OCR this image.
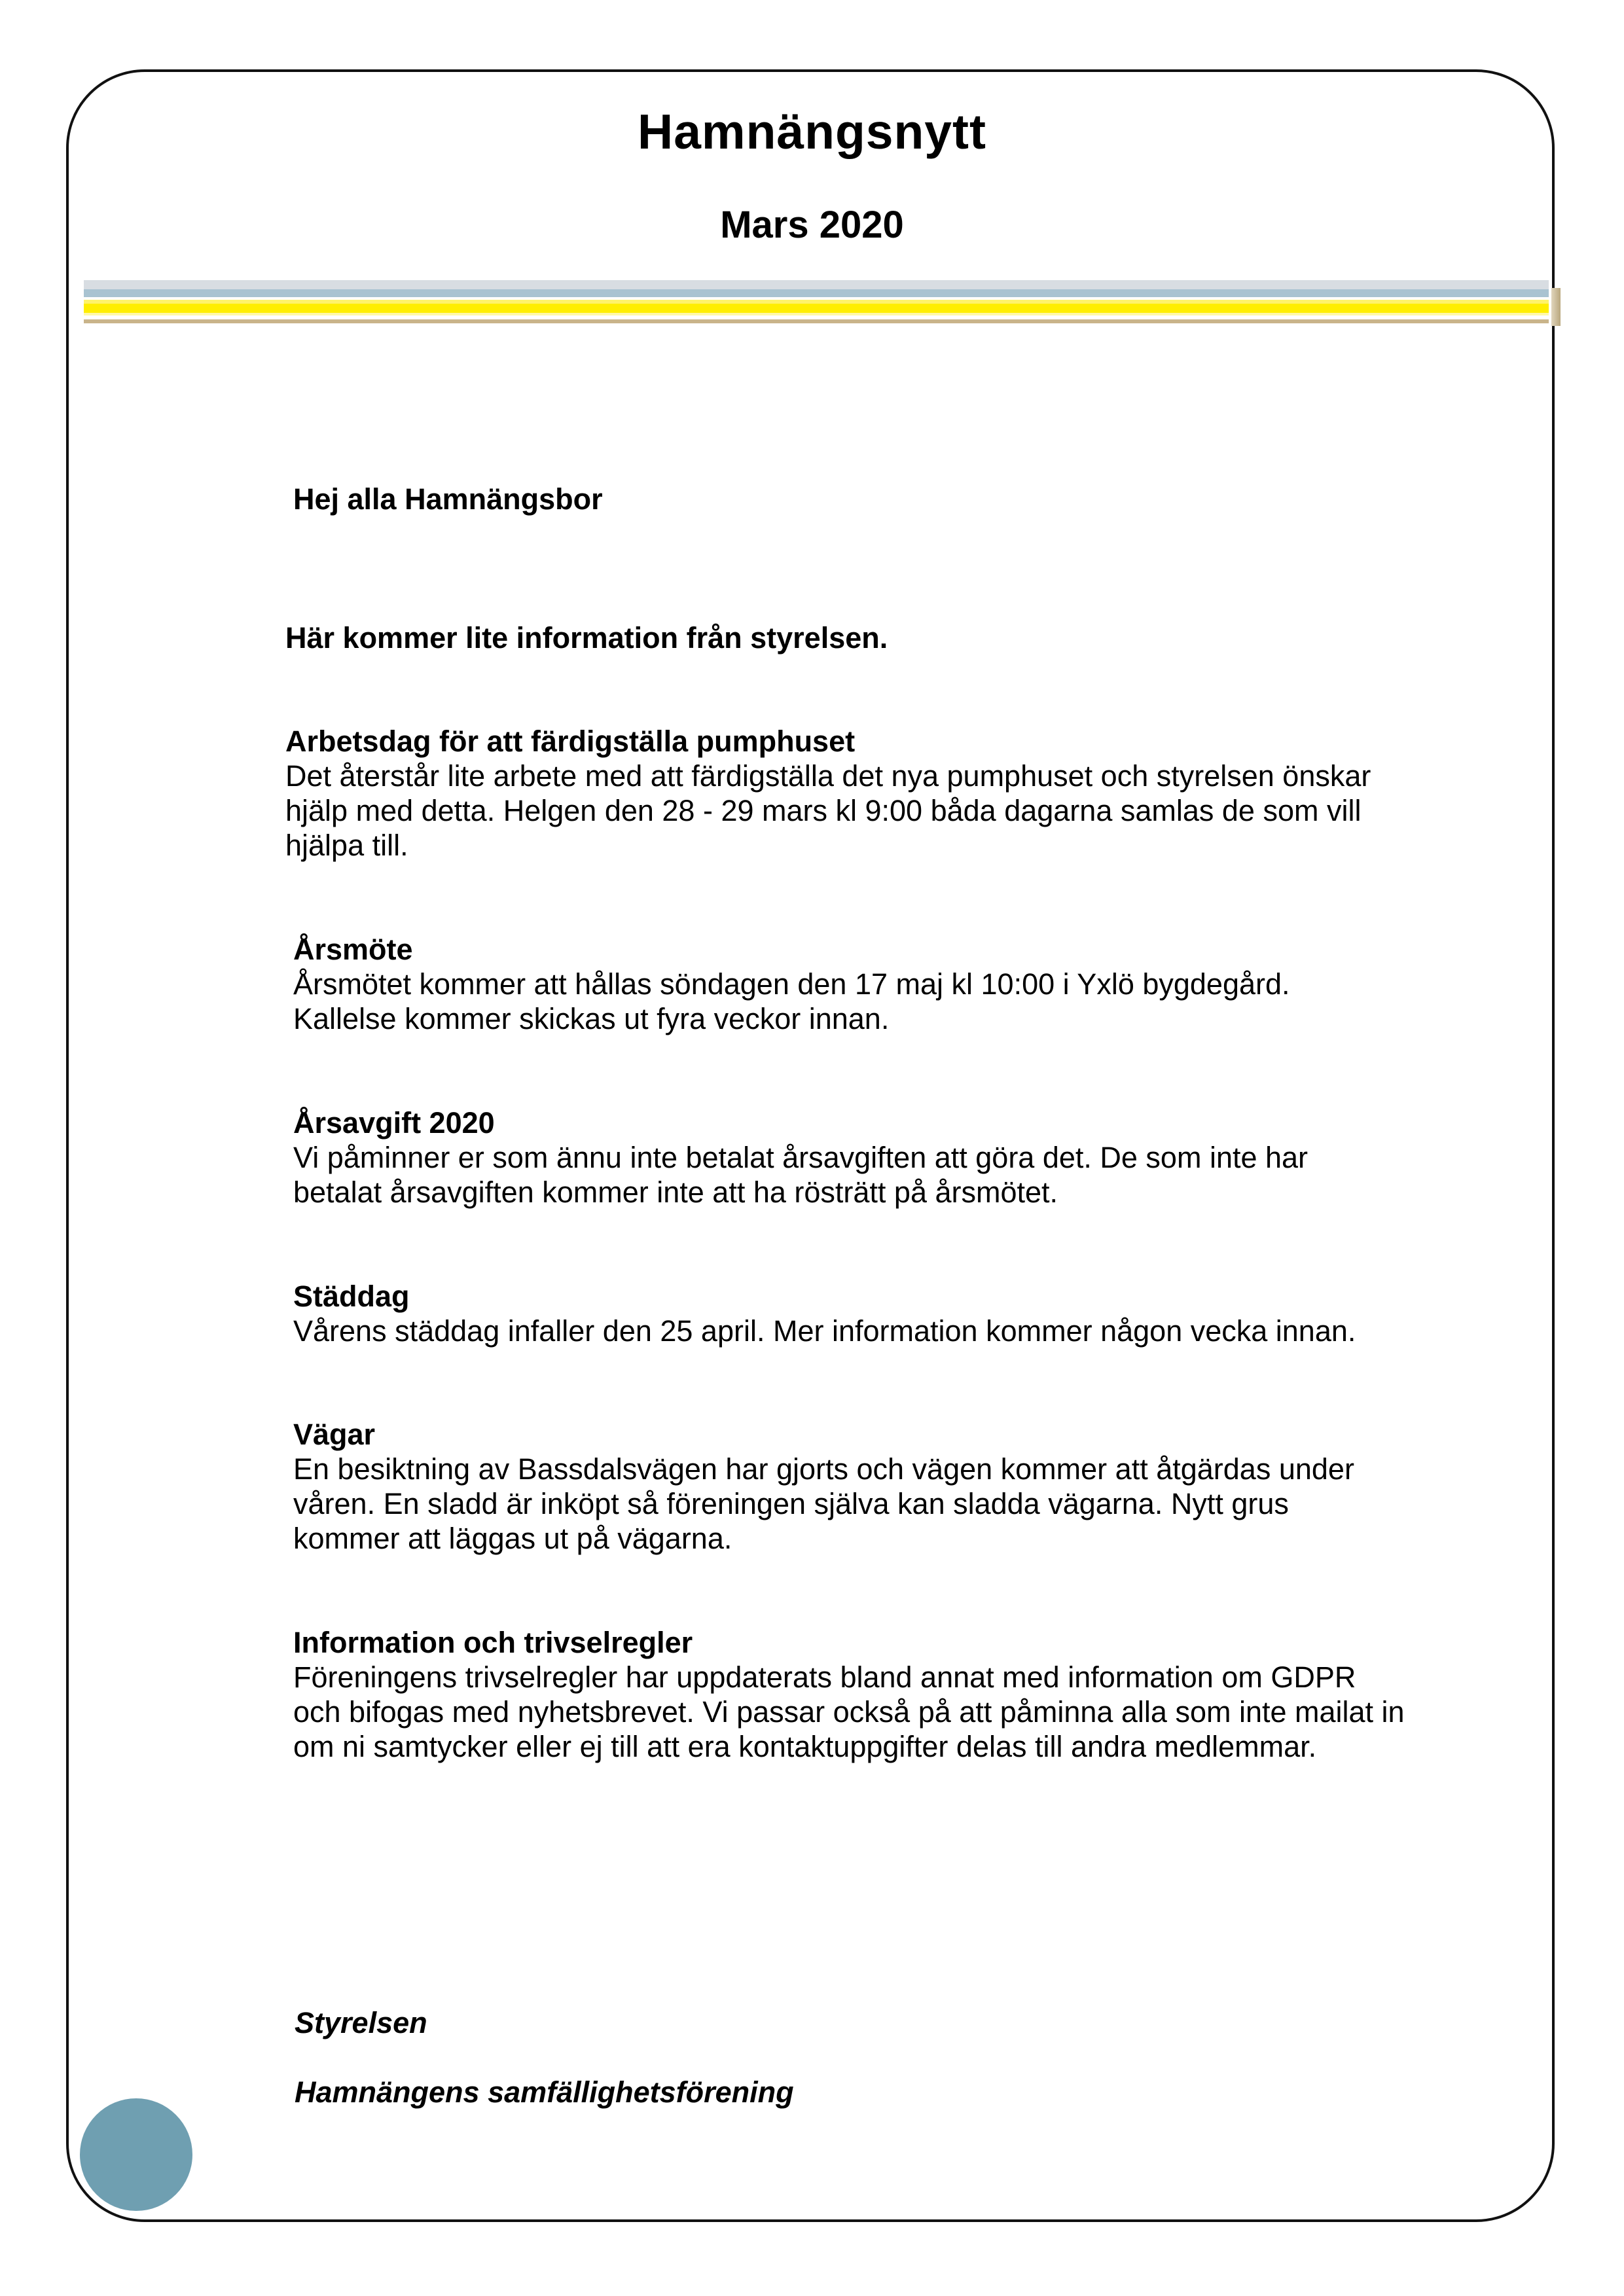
Hamnängsnytt
Mars 2020
Hej alla Hamnängsbor
Här kommer lite information från styrelsen.
Arbetsdag för att färdigställa pumphuset

Det återstår lite arbete med att färdigställa det nya pumphuset och styrelsen önskar

hjälp med detta. Helgen den 28 - 29 mars kl 9:00 båda dagarna samlas de som vill

hjälpa till.

Årsmöte

Årsmötet kommer att hållas söndagen den 17 maj kl 10:00 i Yxlö bygdegård.

Kallelse kommer skickas ut fyra veckor innan.

Årsavgift 2020

Vi påminner er som ännu inte betalat årsavgiften att göra det. De som inte har

betalat årsavgiften kommer inte att ha rösträtt på årsmötet.

Städdag

Vårens städdag infaller den 25 april. Mer information kommer någon vecka innan.

Vägar

En besiktning av Bassdalsvägen har gjorts och vägen kommer att åtgärdas under

våren. En sladd är inköpt så föreningen själva kan sladda vägarna. Nytt grus

kommer att läggas ut på vägarna.

Information och trivselregler

Föreningens trivselregler har uppdaterats bland annat med information om GDPR

och bifogas med nyhetsbrevet. Vi passar också på att påminna alla som inte mailat in

om ni samtycker eller ej till att era kontaktuppgifter delas till andra medlemmar.

Styrelsen
Hamnängens samfällighetsförening
